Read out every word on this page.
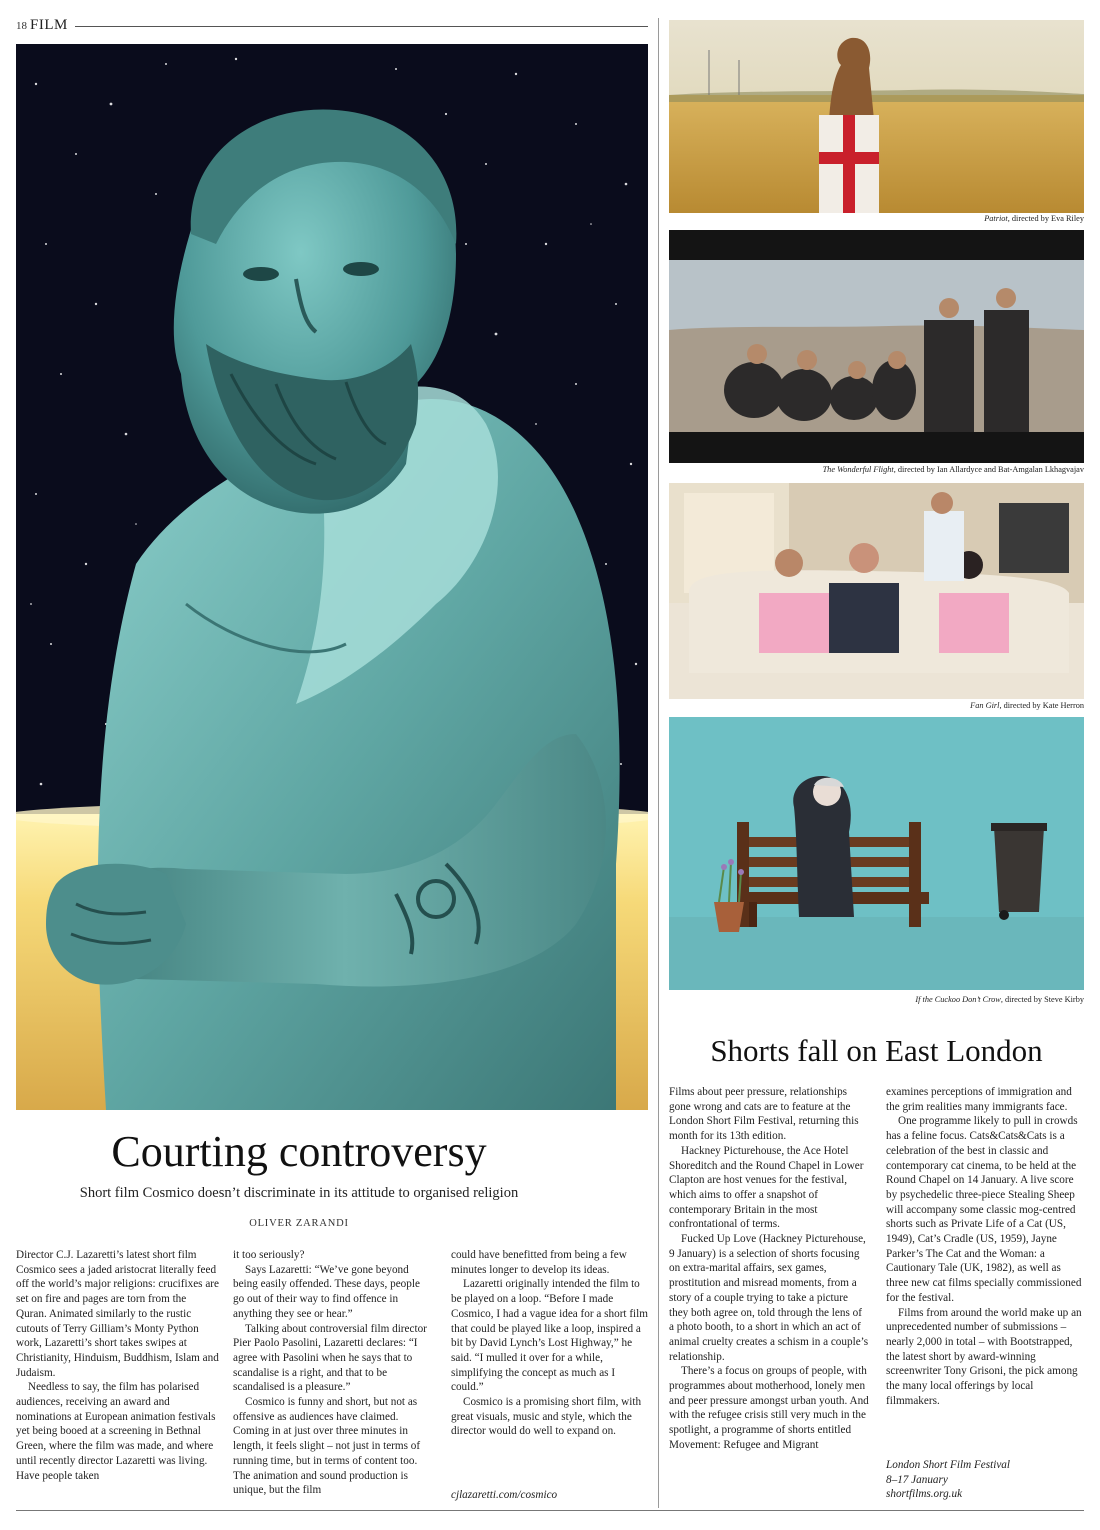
18 FILM
Courting controversy
Short film Cosmico doesn’t discriminate in its attitude to organised religion
OLIVER ZARANDI

Director C.J. Lazaretti’s latest short film Cosmico sees a jaded aristocrat literally feed off the world’s major religions: crucifixes are set on fire and pages are torn from the Quran. Animated similarly to the rustic cutouts of Terry Gilliam’s Monty Python work, Lazaretti’s short takes swipes at Christianity, Hinduism, Buddhism, Islam and Judaism.

Needless to say, the film has polarised audiences, receiving an award and nominations at European animation festivals yet being booed at a screening in Bethnal Green, where the film was made, and where until recently director Lazaretti was living. Have people taken

it too seriously?

Says Lazaretti: “We’ve gone beyond being easily offended. These days, people go out of their way to find offence in anything they see or hear.”

Talking about controversial film director Pier Paolo Pasolini, Lazaretti declares: “I agree with Pasolini when he says that to scandalise is a right, and that to be scandalised is a pleasure.”

Cosmico is funny and short, but not as offensive as audiences have claimed. Coming in at just over three minutes in length, it feels slight – not just in terms of running time, but in terms of content too. The animation and sound production is unique, but the film

could have benefitted from being a few minutes longer to develop its ideas.

Lazaretti originally intended the film to be played on a loop. “Before I made Cosmico, I had a vague idea for a short film that could be played like a loop, inspired a bit by David Lynch’s Lost Highway,” he said. “I mulled it over for a while, simplifying the concept as much as I could.”

Cosmico is a promising short film, with great visuals, music and style, which the director would do well to expand on.

cjlazaretti.com/cosmico
Patriot, directed by Eva Riley
The Wonderful Flight, directed by Ian Allardyce and Bat-Amgalan Lkhagvajav
Fan Girl, directed by Kate Herron
If the Cuckoo Don’t Crow, directed by Steve Kirby
Shorts fall on East London

Films about peer pressure, relationships gone wrong and cats are to feature at the London Short Film Festival, returning this month for its 13th edition.

Hackney Picturehouse, the Ace Hotel Shoreditch and the Round Chapel in Lower Clapton are host venues for the festival, which aims to offer a snapshot of contemporary Britain in the most confrontational of terms.

Fucked Up Love (Hackney Picturehouse, 9 January) is a selection of shorts focusing on extra-marital affairs, sex games, prostitution and misread moments, from a story of a couple trying to take a picture they both agree on, told through the lens of a photo booth, to a short in which an act of animal cruelty creates a schism in a couple’s relationship.

There’s a focus on groups of people, with programmes about motherhood, lonely men and peer pressure amongst urban youth. And with the refugee crisis still very much in the spotlight, a programme of shorts entitled Movement: Refugee and Migrant

examines perceptions of immigration and the grim realities many immigrants face.

One programme likely to pull in crowds has a feline focus. Cats&Cats&Cats is a celebration of the best in classic and contemporary cat cinema, to be held at the Round Chapel on 14 January. A live score by psychedelic three-piece Stealing Sheep will accompany some classic mog-centred shorts such as Private Life of a Cat (US, 1949), Cat’s Cradle (US, 1959), Jayne Parker’s The Cat and the Woman: a Cautionary Tale (UK, 1982), as well as three new cat films specially commissioned for the festival.

Films from around the world make up an unprecedented number of submissions – nearly 2,000 in total – with Bootstrapped, the latest short by award-winning screenwriter Tony Grisoni, the pick among the many local offerings by local filmmakers.

London Short Film Festival
8–17 January
shortfilms.org.uk
